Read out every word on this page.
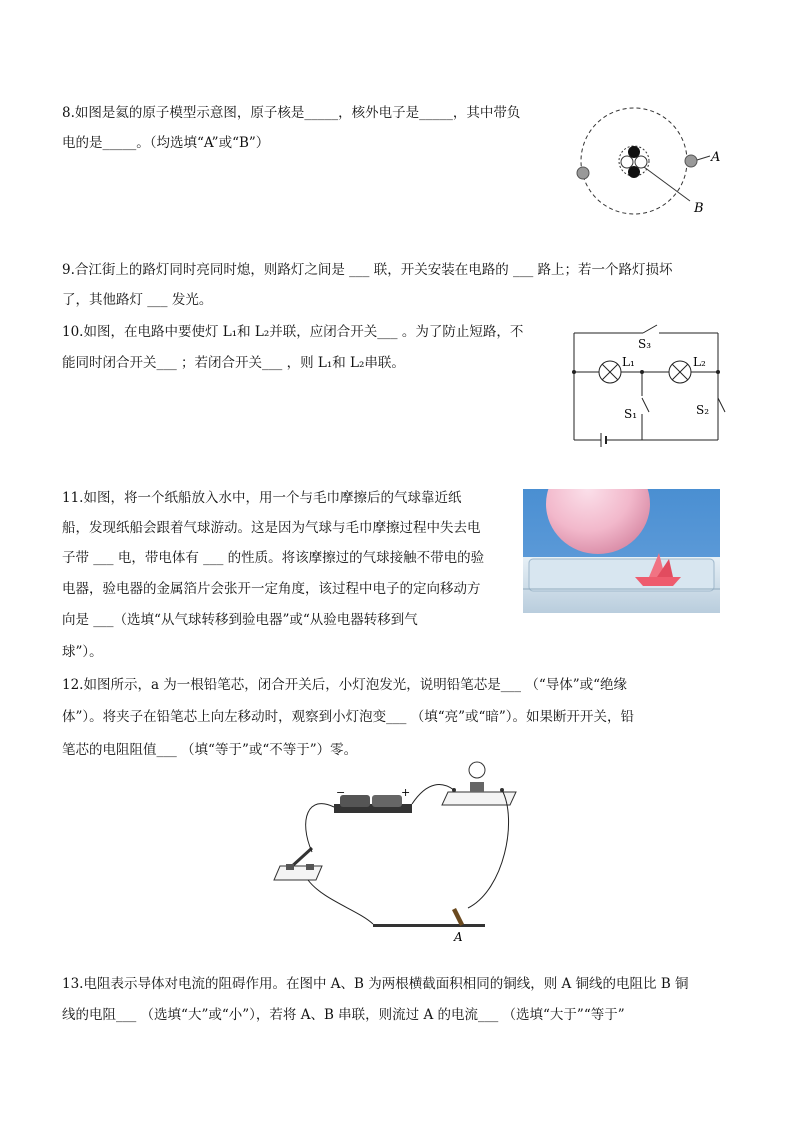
8.如图是氦的原子模型示意图，原子核是_____，核外电子是_____，其中带负
电的是_____。（均选填“A”或“B”）
A
B
9.合江街上的路灯同时亮同时熄，则路灯之间是 ___ 联，开关安装在电路的 ___ 路上；若一个路灯损坏
了，其他路灯 ___ 发光。
10.如图，在电路中要使灯 L₁和 L₂并联，应闭合开关___ 。为了防止短路，不
能同时闭合开关___ ；若闭合开关___ ，则 L₁和 L₂串联。
S₃
L₁	L₂
S₁	S₂
11.如图，将一个纸船放入水中，用一个与毛巾摩擦后的气球靠近纸
船，发现纸船会跟着气球游动。这是因为气球与毛巾摩擦过程中失去电
子带 ___ 电，带电体有 ___ 的性质。将该摩擦过的气球接触不带电的验
电器，验电器的金属箔片会张开一定角度，该过程中电子的定向移动方
向是 ___（选填“从气球转移到验电器”或“从验电器转移到气
球”）。
12.如图所示，a 为一根铅笔芯，闭合开关后，小灯泡发光，说明铅笔芯是___ （“导体”或“绝缘
体”）。将夹子在铅笔芯上向左移动时，观察到小灯泡变___ （填“亮”或“暗”）。如果断开开关，铅
笔芯的电阻阻值___ （填“等于”或“不等于”）零。
−	+
A
13.电阻表示导体对电流的阻碍作用。在图中 A、B 为两根横截面积相同的铜线，则 A 铜线的电阻比 B 铜
线的电阻___ （选填“大”或“小”），若将 A、B 串联，则流过 A 的电流___ （选填“大于”“等于”
